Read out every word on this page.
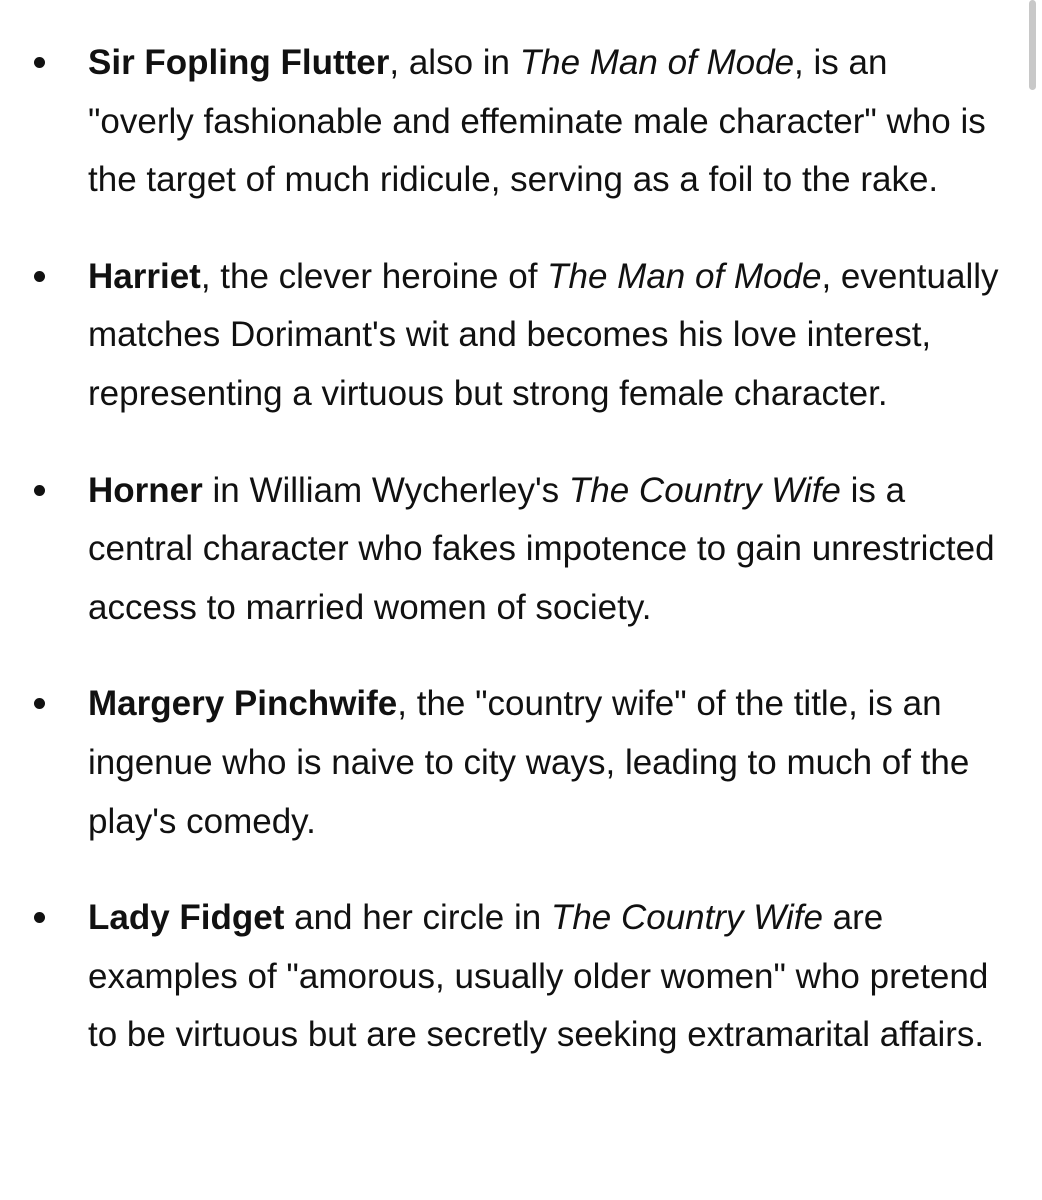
Sir Fopling Flutter, also in The Man of Mode, is an "overly fashionable and effeminate male character" who is the target of much ridicule, serving as a foil to the rake.
Harriet, the clever heroine of The Man of Mode, eventually matches Dorimant's wit and becomes his love interest, representing a virtuous but strong female character.
Horner in William Wycherley's The Country Wife is a central character who fakes impotence to gain unrestricted access to married women of society.
Margery Pinchwife, the "country wife" of the title, is an ingenue who is naive to city ways, leading to much of the play's comedy.
Lady Fidget and her circle in The Country Wife are examples of "amorous, usually older women" who pretend to be virtuous but are secretly seeking extramarital affairs.
